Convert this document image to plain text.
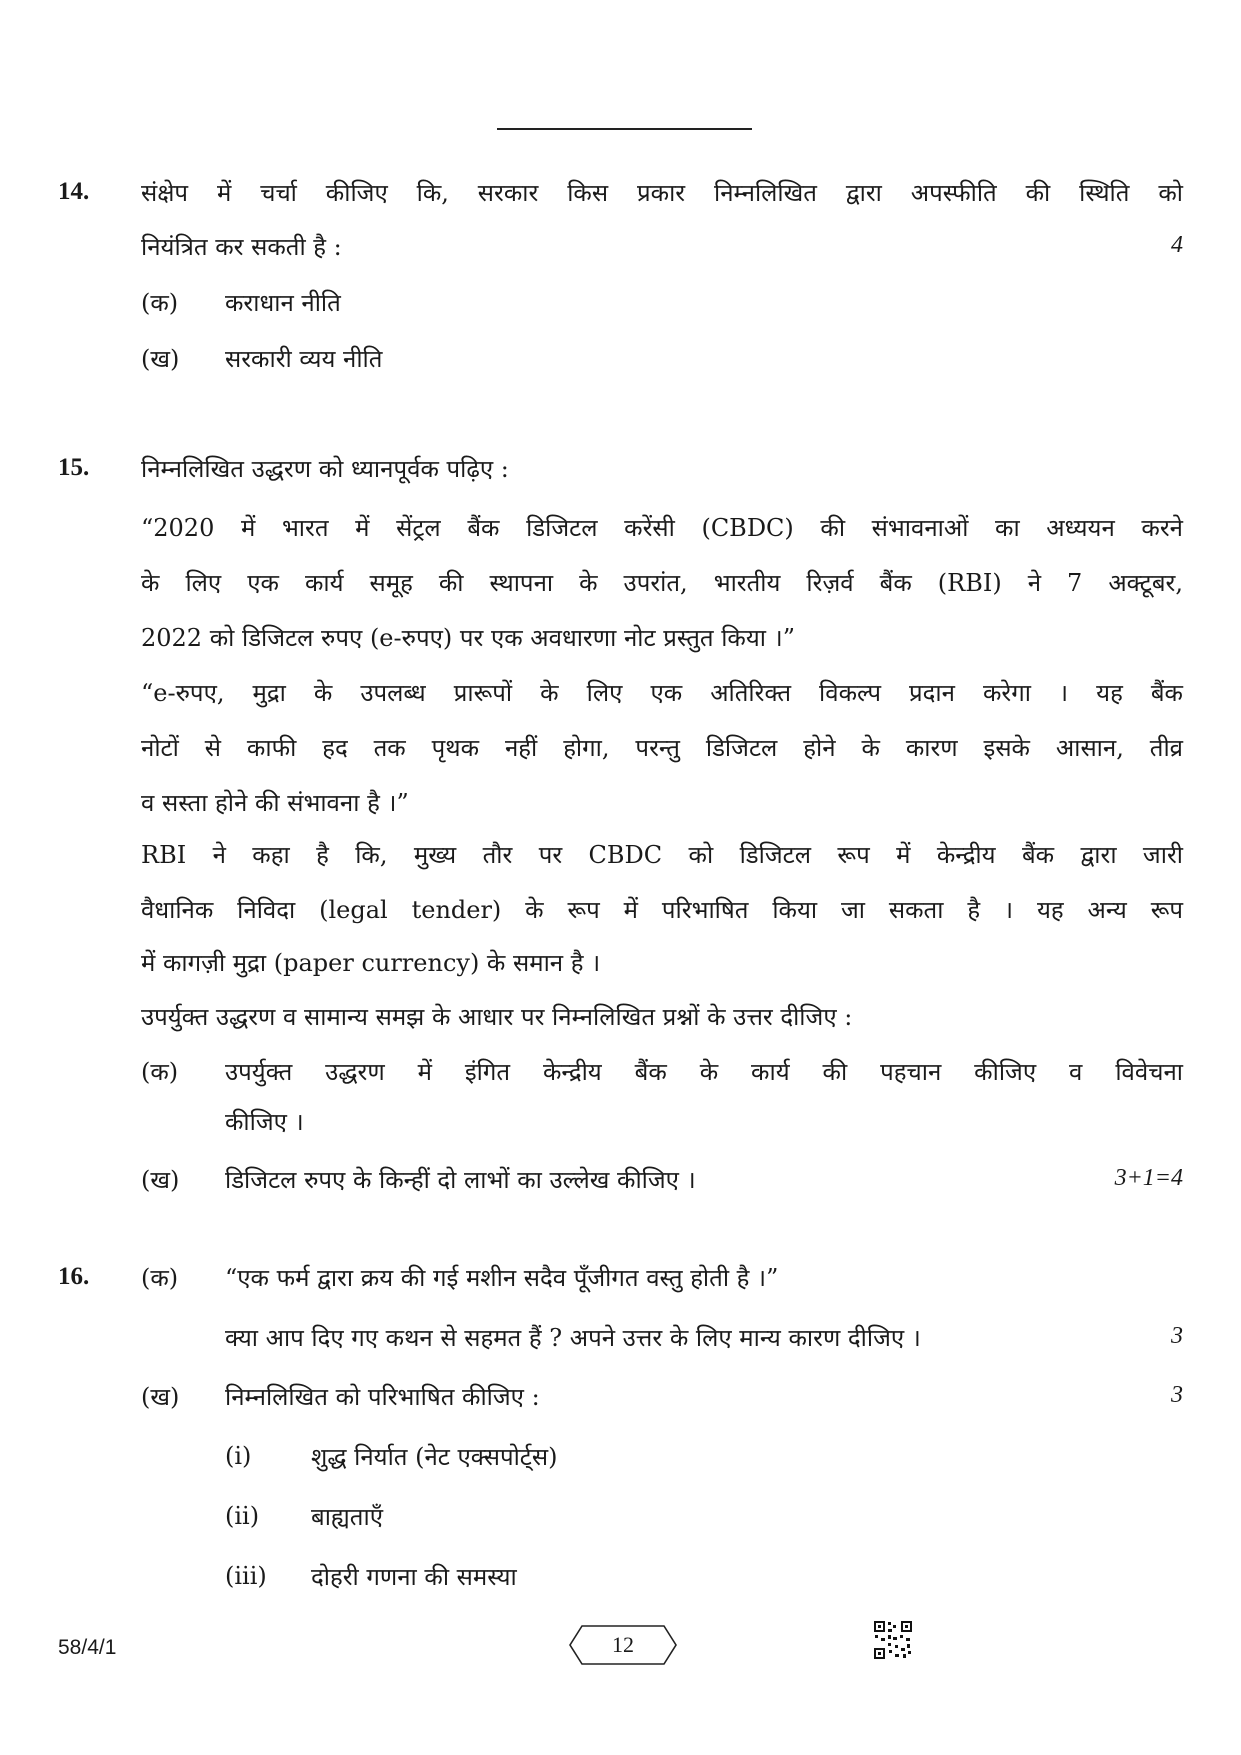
14. संक्षेप में चर्चा कीजिए कि, सरकार किस प्रकार निम्नलिखित द्वारा अपस्फीति की स्थिति को
नियंत्रित कर सकती है :	4
(क) कराधान नीति
(ख) सरकारी व्यय नीति
15. निम्नलिखित उद्धरण को ध्यानपूर्वक पढ़िए :
“2020 में भारत में सेंट्रल बैंक डिजिटल करेंसी (CBDC) की संभावनाओं का अध्ययन करने
के लिए एक कार्य समूह की स्थापना के उपरांत, भारतीय रिज़र्व बैंक (RBI) ने 7 अक्टूबर,
2022 को डिजिटल रुपए (e-रुपए) पर एक अवधारणा नोट प्रस्तुत किया ।”
“e-रुपए, मुद्रा के उपलब्ध प्रारूपों के लिए एक अतिरिक्त विकल्प प्रदान करेगा । यह बैंक
नोटों से काफी हद तक पृथक नहीं होगा, परन्तु डिजिटल होने के कारण इसके आसान, तीव्र
व सस्ता होने की संभावना है ।”
RBI ने कहा है कि, मुख्य तौर पर CBDC को डिजिटल रूप में केन्द्रीय बैंक द्वारा जारी
वैधानिक निविदा (legal tender) के रूप में परिभाषित किया जा सकता है । यह अन्य रूप
में कागज़ी मुद्रा (paper currency) के समान है ।
उपर्युक्त उद्धरण व सामान्य समझ के आधार पर निम्नलिखित प्रश्नों के उत्तर दीजिए :
(क) उपर्युक्त उद्धरण में इंगित केन्द्रीय बैंक के कार्य की पहचान कीजिए व विवेचना
कीजिए ।
(ख) डिजिटल रुपए के किन्हीं दो लाभों का उल्लेख कीजिए ।	3+1=4
16. (क) “एक फर्म द्वारा क्रय की गई मशीन सदैव पूँजीगत वस्तु होती है ।”
क्या आप दिए गए कथन से सहमत हैं ? अपने उत्तर के लिए मान्य कारण दीजिए ।	3
(ख) निम्नलिखित को परिभाषित कीजिए :	3
(i) शुद्ध निर्यात (नेट एक्सपोर्ट्स)
(ii) बाह्यताएँ
(iii) दोहरी गणना की समस्या
58/4/1	12
